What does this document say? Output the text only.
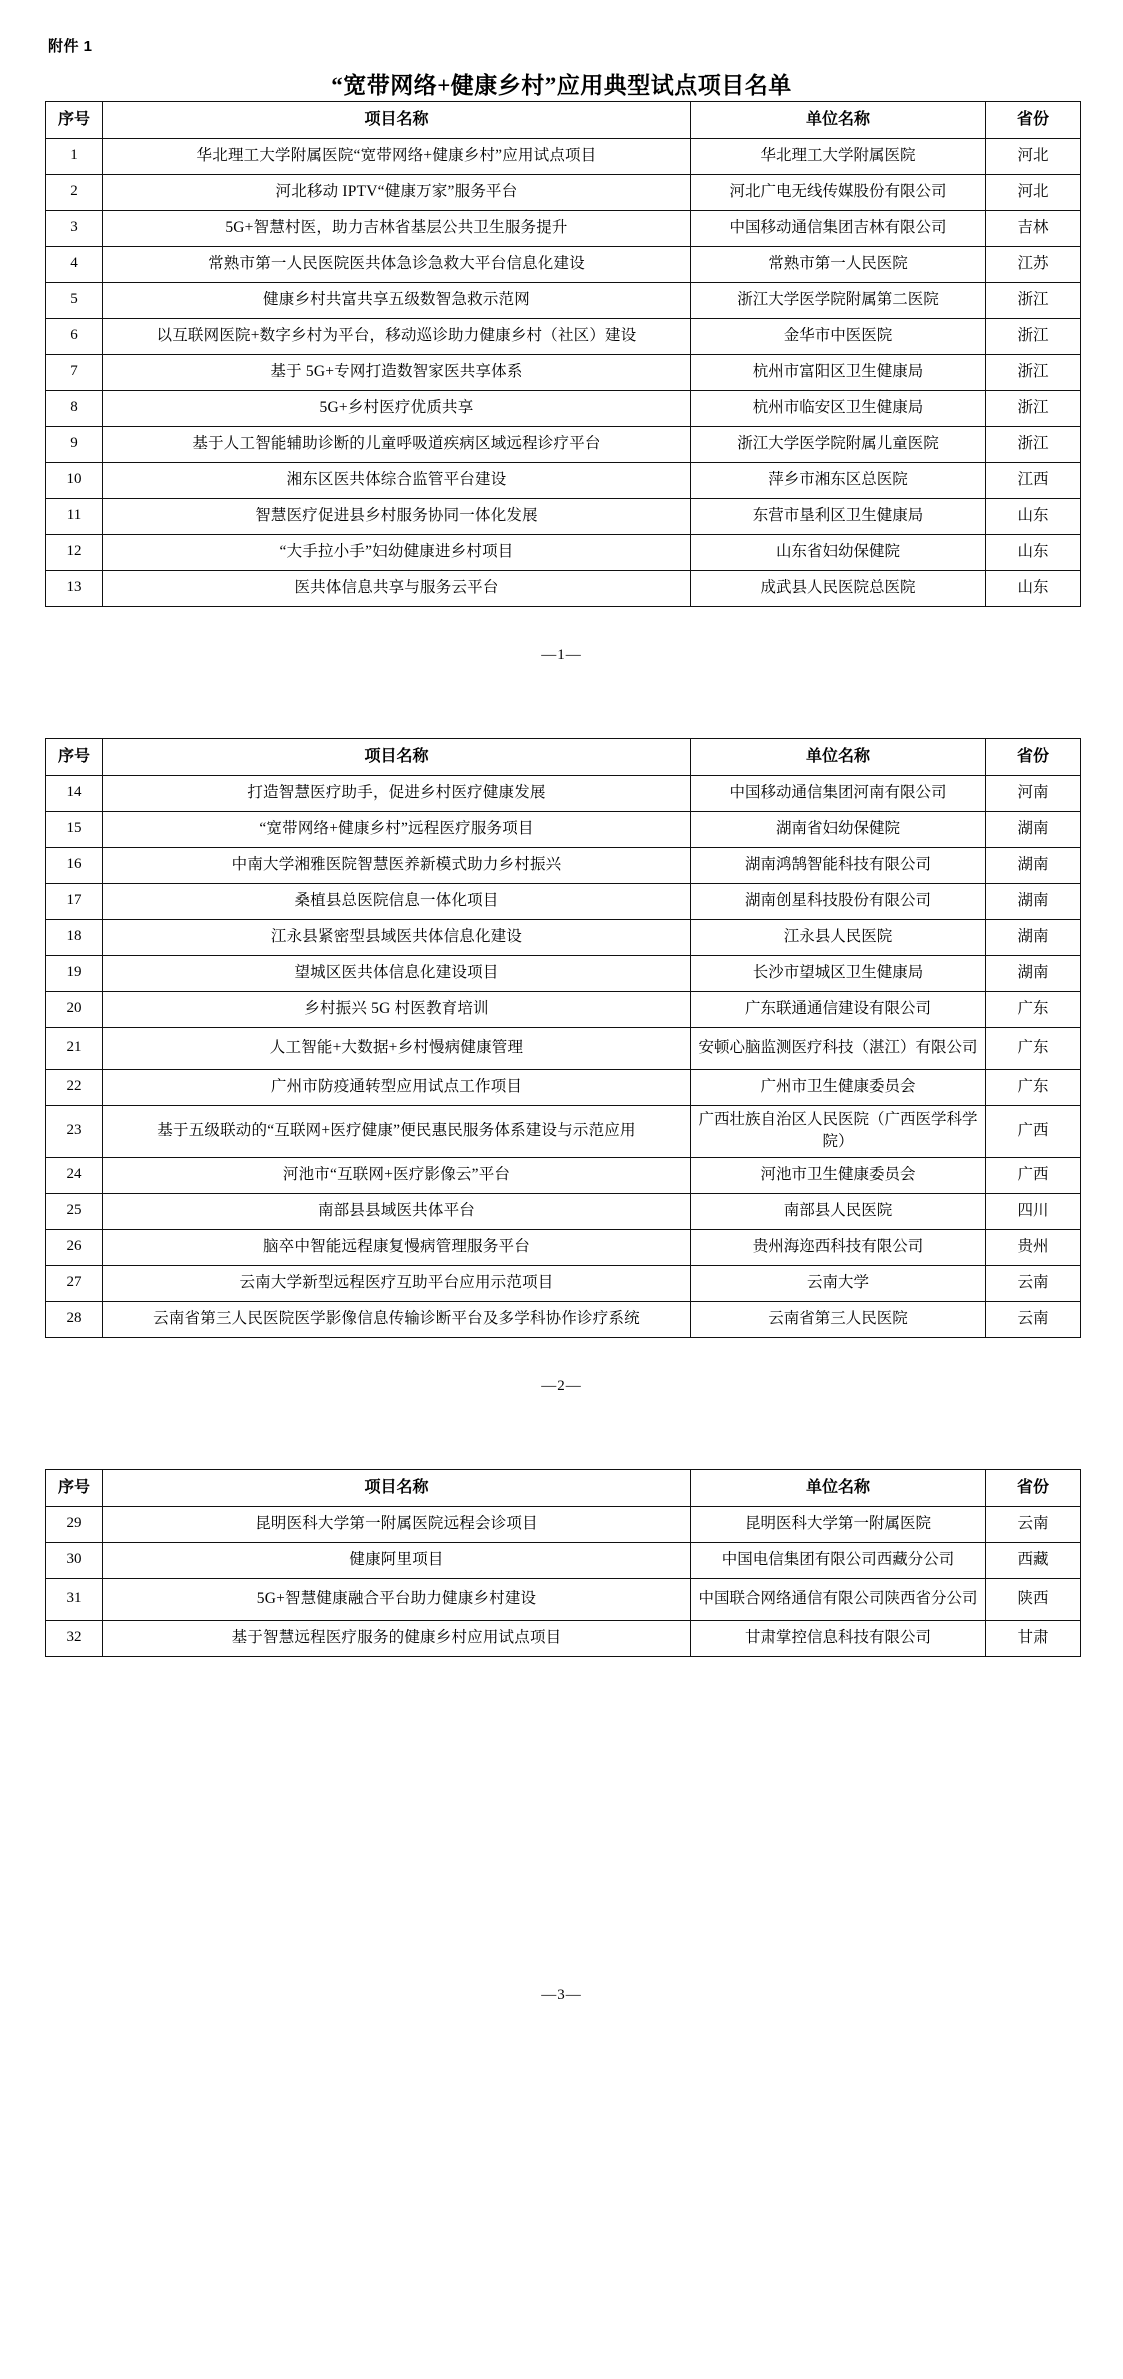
附件 1
“宽带网络+健康乡村”应用典型试点项目名单
序号	项目名称	单位名称	省份
1	华北理工大学附属医院“宽带网络+健康乡村”应用试点项目	华北理工大学附属医院	河北
2	河北移动 IPTV“健康万家”服务平台	河北广电无线传媒股份有限公司	河北
3	5G+智慧村医，助力吉林省基层公共卫生服务提升	中国移动通信集团吉林有限公司	吉林
4	常熟市第一人民医院医共体急诊急救大平台信息化建设	常熟市第一人民医院	江苏
5	健康乡村共富共享五级数智急救示范网	浙江大学医学院附属第二医院	浙江
6	以互联网医院+数字乡村为平台，移动巡诊助力健康乡村（社区）建设	金华市中医医院	浙江
7	基于 5G+专网打造数智家医共享体系	杭州市富阳区卫生健康局	浙江
8	5G+乡村医疗优质共享	杭州市临安区卫生健康局	浙江
9	基于人工智能辅助诊断的儿童呼吸道疾病区域远程诊疗平台	浙江大学医学院附属儿童医院	浙江
10	湘东区医共体综合监管平台建设	萍乡市湘东区总医院	江西
11	智慧医疗促进县乡村服务协同一体化发展	东营市垦利区卫生健康局	山东
12	“大手拉小手”妇幼健康进乡村项目	山东省妇幼保健院	山东
13	医共体信息共享与服务云平台	成武县人民医院总医院	山东
—1—
序号	项目名称	单位名称	省份
14	打造智慧医疗助手，促进乡村医疗健康发展	中国移动通信集团河南有限公司	河南
15	“宽带网络+健康乡村”远程医疗服务项目	湖南省妇幼保健院	湖南
16	中南大学湘雅医院智慧医养新模式助力乡村振兴	湖南鸿鹄智能科技有限公司	湖南
17	桑植县总医院信息一体化项目	湖南创星科技股份有限公司	湖南
18	江永县紧密型县域医共体信息化建设	江永县人民医院	湖南
19	望城区医共体信息化建设项目	长沙市望城区卫生健康局	湖南
20	乡村振兴 5G 村医教育培训	广东联通通信建设有限公司	广东
21	人工智能+大数据+乡村慢病健康管理	安顿心脑监测医疗科技（湛江）有限公司	广东
22	广州市防疫通转型应用试点工作项目	广州市卫生健康委员会	广东
23	基于五级联动的“互联网+医疗健康”便民惠民服务体系建设与示范应用	广西壮族自治区人民医院（广西医学科学院）	广西
24	河池市“互联网+医疗影像云”平台	河池市卫生健康委员会	广西
25	南部县县域医共体平台	南部县人民医院	四川
26	脑卒中智能远程康复慢病管理服务平台	贵州海迩西科技有限公司	贵州
27	云南大学新型远程医疗互助平台应用示范项目	云南大学	云南
28	云南省第三人民医院医学影像信息传输诊断平台及多学科协作诊疗系统	云南省第三人民医院	云南
—2—
序号	项目名称	单位名称	省份
29	昆明医科大学第一附属医院远程会诊项目	昆明医科大学第一附属医院	云南
30	健康阿里项目	中国电信集团有限公司西藏分公司	西藏
31	5G+智慧健康融合平台助力健康乡村建设	中国联合网络通信有限公司陕西省分公司	陕西
32	基于智慧远程医疗服务的健康乡村应用试点项目	甘肃掌控信息科技有限公司	甘肃
—3—
